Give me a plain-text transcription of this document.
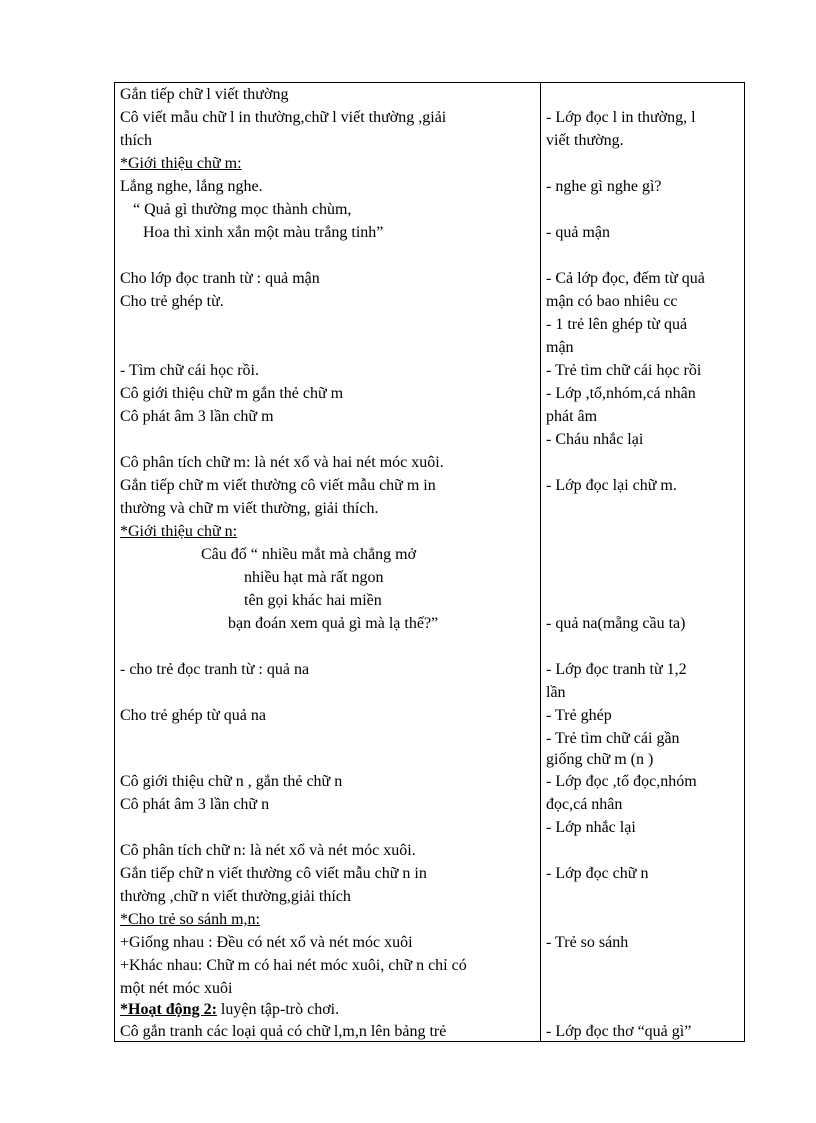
Gắn tiếp chữ l viết thường
Cô viết mẫu chữ l in thường,chữ l viết thường ,giải
thích
*Giới thiệu chữ m:
Lắng nghe, lắng nghe.
“ Quả gì thường mọc thành chùm,
Hoa thì xinh xắn một màu trắng tinh”
Cho lớp đọc tranh từ : quả mận
Cho trẻ ghép từ.
- Tìm chữ cái học rồi.
Cô giới thiệu chữ m gắn thẻ chữ m
Cô phát âm 3 lần chữ m
Cô phân tích chữ m: là nét xổ và hai nét móc xuôi.
Gắn tiếp chữ m viết thường cô viết mẫu chữ m in
thường và chữ m viết thường, giải thích.
*Giới thiệu chữ n:
Câu đố “ nhiều mắt mà chẳng mở
nhiều hạt mà rất ngon
tên gọi khác hai miền
bạn đoán xem quả gì mà lạ thế?”
- cho trẻ đọc tranh từ : quả na
Cho trẻ ghép từ quả na
Cô giới thiệu chữ n , gắn thẻ chữ n
Cô phát âm 3 lần chữ n
Cô phân tích chữ n: là nét xổ và nét móc xuôi.
Gắn tiếp chữ n viết thường cô viết mẫu chữ n in
thường ,chữ n viết thường,giải thích
*Cho trẻ so sánh m,n:
+Giống nhau : Đều có nét xổ và nét móc xuôi
+Khác nhau: Chữ m có hai nét móc xuôi, chữ n chỉ có
một nét móc xuôi
*Hoạt động 2: luyện tập-trò chơi.
Cô gắn tranh các loại quả có chữ l,m,n lên bảng trẻ
- Lớp đọc l in thường, l
viết thường.
- nghe gì nghe gì?
- quả mận
- Cả lớp đọc, đếm từ quả
mận có bao nhiêu cc
- 1 trẻ lên ghép từ quả
mận
- Trẻ tìm chữ cái học rồi
- Lớp ,tổ,nhóm,cá nhân
phát âm
- Cháu nhắc lại
- Lớp đọc lại chữ m.
- quả na(mẵng cầu ta)
- Lớp đọc tranh từ 1,2
lần
- Trẻ ghép
- Trẻ tìm chữ cái gần
giống chữ m (n )
- Lớp đọc ,tổ đọc,nhóm
đọc,cá nhân
- Lớp nhắc lại
- Lớp đọc chữ n
- Trẻ so sánh
- Lớp đọc thơ “quả gì”
